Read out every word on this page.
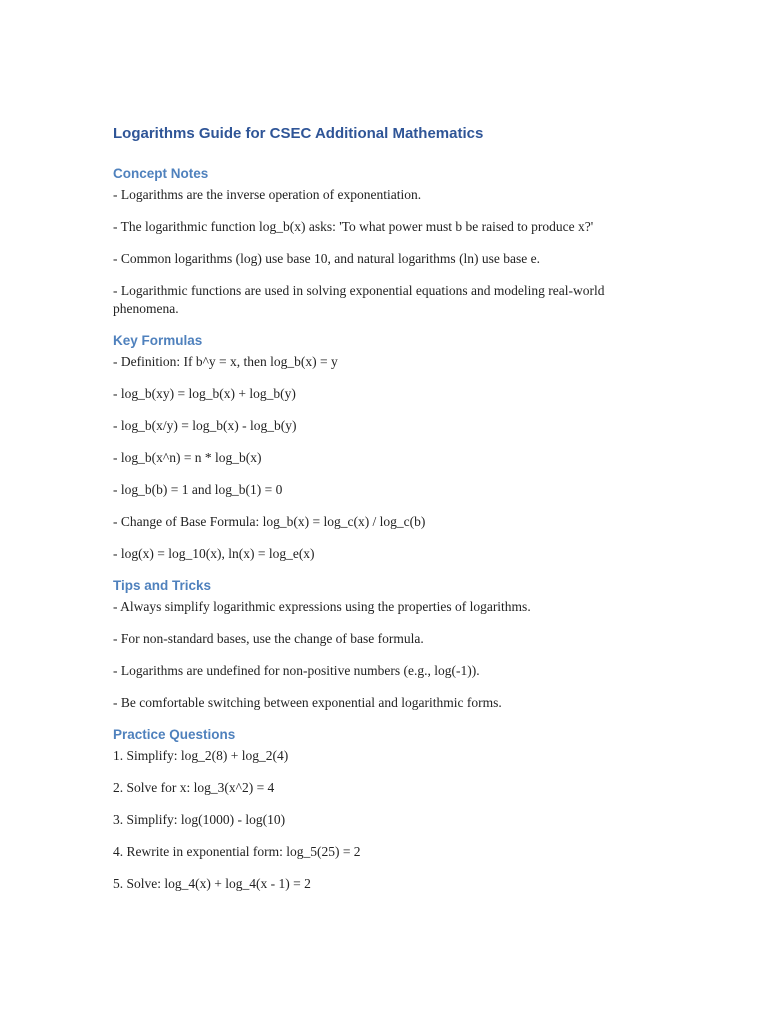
Logarithms Guide for CSEC Additional Mathematics
Concept Notes
- Logarithms are the inverse operation of exponentiation.
- The logarithmic function log_b(x) asks: 'To what power must b be raised to produce x?'
- Common logarithms (log) use base 10, and natural logarithms (ln) use base e.
- Logarithmic functions are used in solving exponential equations and modeling real-world phenomena.
Key Formulas
- Definition: If b^y = x, then log_b(x) = y
- log_b(xy) = log_b(x) + log_b(y)
- log_b(x/y) = log_b(x) - log_b(y)
- log_b(x^n) = n * log_b(x)
- log_b(b) = 1 and log_b(1) = 0
- Change of Base Formula: log_b(x) = log_c(x) / log_c(b)
- log(x) = log_10(x), ln(x) = log_e(x)
Tips and Tricks
- Always simplify logarithmic expressions using the properties of logarithms.
- For non-standard bases, use the change of base formula.
- Logarithms are undefined for non-positive numbers (e.g., log(-1)).
- Be comfortable switching between exponential and logarithmic forms.
Practice Questions
1. Simplify: log_2(8) + log_2(4)
2. Solve for x: log_3(x^2) = 4
3. Simplify: log(1000) - log(10)
4. Rewrite in exponential form: log_5(25) = 2
5. Solve: log_4(x) + log_4(x - 1) = 2
